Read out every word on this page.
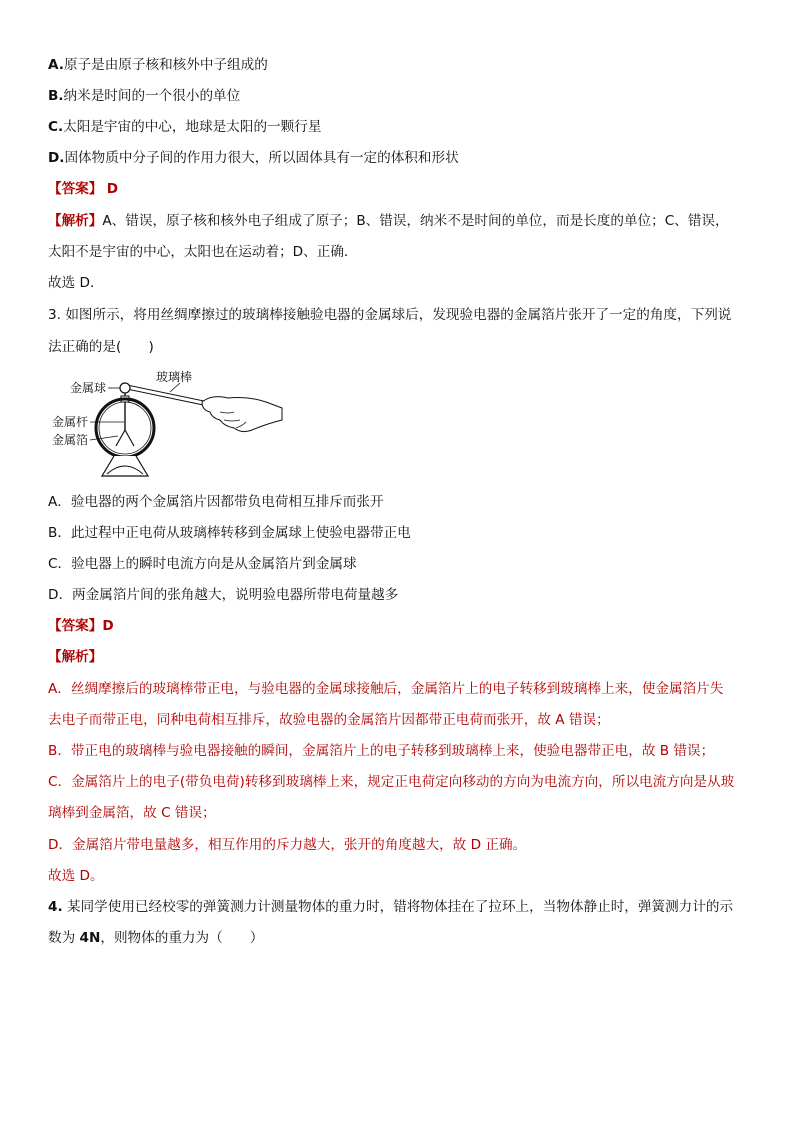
A.原子是由原子核和核外中子组成的
B.纳米是时间的一个很小的单位
C.太阳是宇宙的中心，地球是太阳的一颗行星
D.固体物质中分子间的作用力很大，所以固体具有一定的体积和形状
【答案】 D
【解析】A、错误，原子核和核外电子组成了原子；B、错误，纳米不是时间的单位，而是长度的单位；C、错误，
太阳不是宇宙的中心，太阳也在运动着；D、正确．
故选 D．
3. 如图所示，将用丝绸摩擦过的玻璃棒接触验电器的金属球后，发现验电器的金属箔片张开了一定的角度，下列说
法正确的是(　　)
金属球
玻璃棒
金属杆
金属箔
A．验电器的两个金属箔片因都带负电荷相互排斥而张开
B．此过程中正电荷从玻璃棒转移到金属球上使验电器带正电
C．验电器上的瞬时电流方向是从金属箔片到金属球
D．两金属箔片间的张角越大，说明验电器所带电荷量越多
【答案】D
【解析】
A．丝绸摩擦后的玻璃棒带正电，与验电器的金属球接触后，金属箔片上的电子转移到玻璃棒上来，使金属箔片失
去电子而带正电，同种电荷相互排斥，故验电器的金属箔片因都带正电荷而张开，故 A 错误；
B．带正电的玻璃棒与验电器接触的瞬间，金属箔片上的电子转移到玻璃棒上来，使验电器带正电，故 B 错误；
C．金属箔片上的电子(带负电荷)转移到玻璃棒上来，规定正电荷定向移动的方向为电流方向，所以电流方向是从玻
璃棒到金属箔，故 C 错误；
D．金属箔片带电量越多，相互作用的斥力越大，张开的角度越大，故 D 正确。
故选 D。
4. 某同学使用已经校零的弹簧测力计测量物体的重力时，错将物体挂在了拉环上，当物体静止时，弹簧测力计的示
数为 4N，则物体的重力为（　　）
